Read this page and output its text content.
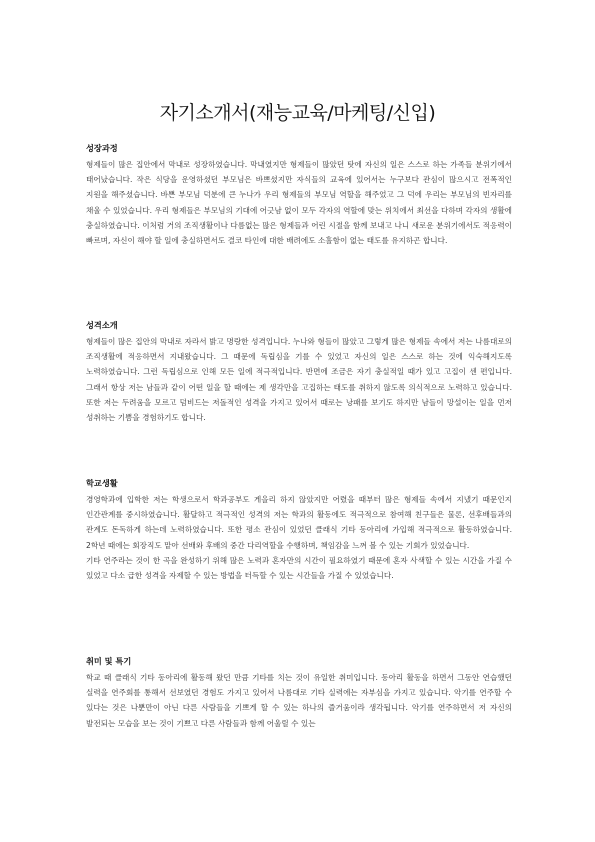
자기소개서(재능교육/마케팅/신입)
성장과정

형제들이 많은 집안에서 막내로 성장하였습니다. 막내였지만 형제들이 많았던 탓에 자신의 일은 스스로 하는 가족들 분위기에서 태어났습니다. 작은 식당을 운영하셨던 부모님은 바쁘셨지만 자식들의 교육에 있어서는 누구보다 관심이 많으시고 전폭적인 지원을 해주셨습니다. 바쁜 부모님 덕분에 큰 누나가 우리 형제들의 부모님 역할을 해주었고 그 덕에 우리는 부모님의 빈자리를 채울 수 있었습니다. 우리 형제들은 부모님의 기대에 어긋남 없이 모두 각자의 역할에 맞는 위치에서 최선을 다하며 각자의 생활에 충실하였습니다. 이처럼 거의 조직생활이나 다름없는 많은 형제들과 어린 시절을 함께 보내고 나니 새로운 분위기에서도 적응력이 빠르며, 자신이 해야 할 일에 충실하면서도 결코 타인에 대한 배려에도 소홀함이 없는 태도를 유지하곤 합니다.

성격소개

형제들이 많은 집안의 막내로 자라서 밝고 명랑한 성격입니다. 누나와 형들이 많았고 그렇게 많은 형제들 속에서 저는 나름대로의 조직생활에 적응하면서 지내왔습니다. 그 때문에 독립심을 기를 수 있었고 자신의 일은 스스로 하는 것에 익숙해지도록 노력하였습니다. 그런 독립심으로 인해 모든 일에 적극적입니다. 반면에 조금은 자기 충실적일 때가 있고 고집이 센 편입니다. 그래서 항상 저는 남들과 같이 어떤 일을 할 때에는 제 생각만을 고집하는 태도를 취하지 않도록 의식적으로 노력하고 있습니다. 또한 저는 두려움을 모르고 덤비드는 저돌적인 성격을 가지고 있어서 때로는 낭패를 보기도 하지만 남들이 망설이는 일을 먼저 성취하는 기쁨을 경험하기도 합니다.

학교생활

경영학과에 입학한 저는 학생으로서 학과공부도 게을리 하지 않았지만 어렸을 때부터 많은 형제들 속에서 지냈기 때문인지 인간관계를 중시하였습니다. 활달하고 적극적인 성격의 저는 학과의 활동에도 적극적으로 참여해 친구들은 물론, 선후배들과의 관계도 돈독하게 하는데 노력하였습니다. 또한 평소 관심이 있었던 클래식 기타 동아리에 가입해 적극적으로 활동하였습니다. 2학년 때에는 회장직도 맡아 선배와 후배의 중간 다리역할을 수행하며, 책임감을 느껴 볼 수 있는 기회가 있었습니다.

기타 연주라는 것이 한 곡을 완성하기 위해 많은 노력과 혼자만의 시간이 필요하였기 때문에 혼자 사색할 수 있는 시간을 가질 수 있었고 다소 급한 성격을 자제할 수 있는 방법을 터득할 수 있는 시간들을 가질 수 있었습니다.

취미 및 특기

학교 때 클래식 기타 동아리에 활동해 왔던 만큼 기타를 치는 것이 유일한 취미입니다. 동아리 활동을 하면서 그동안 연습했던 실력을 연주회를 통해서 선보였던 경험도 가지고 있어서 나름대로 기타 실력에는 자부심을 가지고 있습니다. 악기를 연주할 수 있다는 것은 나뿐만이 아닌 다른 사람들을 기쁘게 할 수 있는 하나의 즐거움이라 생각됩니다. 악기를 연주하면서 저 자신의 발전되는 모습을 보는 것이 기쁘고 다른 사람들과 함께 어울릴 수 있는
